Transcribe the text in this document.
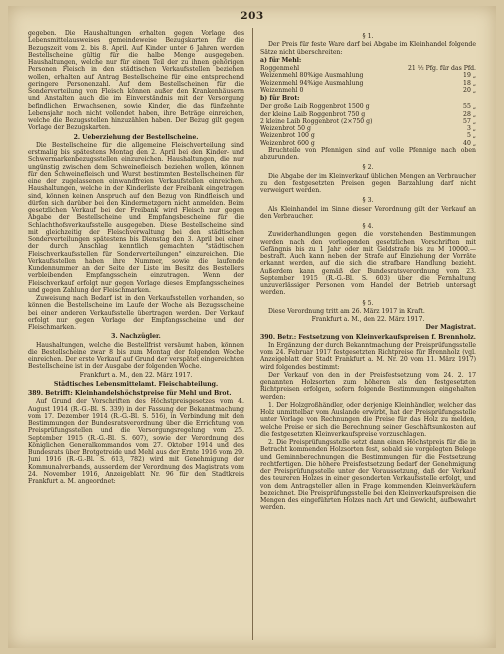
203

gegeben. Die Haushaltungen erhalten gegen Vorlage des Lebensmittelausweises gemeindeweise Bezugskarten für die Bezugszeit vom 2. bis 8. April. Auf Kinder unter 6 Jahren werden Bestellscheine gültig für die halbe Menge ausgegeben. Haushaltungen, welche nur für einen Teil der zu ihnen gehörigen Personen Fleisch in den städtischen Verkaufsstellen beziehen wollen, erhalten auf Antrag Bestellscheine für eine entsprechend geringere Personenzahl. Auf dem Bestellscheinen für die Sonderverteilung von Fleisch können außer den Krankenhäusern und Anstalten auch die im Einverständnis mit der Versorgung befindlichen Erwachsenen, sowie Kinder, die das fünfzehnte Lebensjahr noch nicht vollendet haben, ihre Beträge einreichen, welche die Bezugsstellen hinzuzählen haben. Der Bezug gilt gegen Vorlage der Bezugskarten.

2. Ueberziehung der Bestellscheine.

Die Bestellscheine für die allgemeine Fleischverteilung sind erstmalig bis spätestens Montag den 2. April bei den Kinder- und Schwermarkenbezugsstellen einzureichen. Haushaltungen, die nur ungünstig zwischen dem Schweinefleisch beziehen wollen, können für den Schweinefleisch und Wurst bestimmten Bestellscheinen für eine der zugelassenen einwandfreien Verkaufstellen einreichen. Haushaltungen, welche in der Kinderliste der Freibank eingetragen sind, können keinen Anspruch auf den Bezug von Rindfleisch und dürfen sich darüber bei den Kindermetzgern nicht anmelden. Beim gesetzlichen Verkauf bei der Freibank wird Fleisch nur gegen Abgabe der Bestellscheine und Empfangsbescheine für die Schlachthofsverkaufsstelle ausgegeben. Diese Bestellscheine sind mit gleichzeitig der Fleischverwaltung bei den städtischen Sonderverteilungen spätestens bis Dienstag den 3. April bei einer der durch Anschlag kenntlich gemachten "städtischen Fleischverkaufsstellen für Sonderverteilungen" einzureichen. Die Verkaufsstellen haben ihre Nummer, sowie die laufende Kundennummer an der Seite der Liste im Besitz des Bestellers verbleibenden Empfangsschein einzutragen. Wenn der Fleischverkauf erfolgt nur gegen Vorlage dieses Empfangsscheines und gegen Zahlung der Fleischmarken.

Zuweisung nach Bedarf ist in den Verkaufsstellen vorhanden, so können die Bestellscheine im Laufe der Woche als Bezugsscheine bei einer anderen Verkaufsstelle übertragen werden. Der Verkauf erfolgt nur gegen Vorlage der Empfangsscheine und der Fleischmarken.

3. Nachzügler.

Haushaltungen, welche die Bestellfrist versäumt haben, können die Bestellscheine zwar 8 bis zum Montag der folgenden Woche einreichen. Der erste Verkauf auf Grund der verspätet eingereichten Bestellscheine ist in der Ausgabe der folgenden Woche.

Frankfurt a. M., den 22. März 1917.

Städtisches Lebensmittelamt. Fleischabteilung.

389. Betrifft: Kleinhandelshöchstpreise für Mehl und Brot.

Auf Grund der Vorschriften des Höchstpreisgesetzes vom 4. August 1914 (R.-G.-Bl. S. 339) in der Fassung der Bekanntmachung vom 17. Dezember 1914 (R.-G.-Bl. S. 516), in Verbindung mit den Bestimmungen der Bundesratsverordnung über die Errichtung von Preisprüfungsstellen und die Versorgungsregelung vom 25. September 1915 (R.-G.-Bl. S. 607), sowie der Verordnung des Königlichen Generalkommandos vom 27. Oktober 1914 und des Bundesrats über Brotgetreide und Mehl aus der Ernte 1916 vom 29. Juni 1916 (R.-G.-Bl. S. 613, 782) wird mit Genehmigung der Kommunalverbands, ausserdem der Verordnung des Magistrats vom 24. November 1916, Anzeigeblatt Nr. 96 für den Stadtkreis Frankfurt a. M. angeordnet:

§ 1.

Der Preis für feste Ware darf bei Abgabe im Kleinhandel folgende Sätze nicht überschreiten:

a) für Mehl:

Roggenmehl	21 ½ Pfg. für das Pfd.
Weizenmehl 80%ige Ausmahlung	19 „
Weizenmehl 94%ige Ausmahlung	18 „
Weizenmehl 0	20 „

b) für Brot:

Der große Laib Roggenbrot 1500 g	55 „
der kleine Laib Roggenbrot 750 g	28 „
2 kleine Laib Roggenbrot (2×750 g)	57 „
Weizenbrot 50 g	3 „
Weizenbrot 100 g	5 „
Weizenbrot 600 g	40 „

Bruchteile von Pfennigen sind auf volle Pfennige nach oben abzurunden.

§ 2.

Die Abgabe der im Kleinverkauf üblichen Mengen an Verbraucher zu den festgesetzten Preisen gegen Barzahlung darf nicht verweigert werden.

§ 3.

Als Kleinhandel im Sinne dieser Verordnung gilt der Verkauf an den Verbraucher.

§ 4.

Zuwiderhandlungen gegen die vorstehenden Bestimmungen werden nach den vorliegenden gesetzlichen Vorschriften mit Gefängnis bis zu 1 Jahr oder mit Geldstrafe bis zu M 10000.— bestraft. Auch kann neben der Strafe auf Einziehung der Vorräte erkannt werden, auf die sich die strafbare Handlung bezieht. Außerdem kann gemäß der Bundesratsverordnung vom 23. September 1915 (R.-G.-Bl. S. 603) über die Fernhaltung unzuverlässiger Personen vom Handel der Betrieb untersagt werden.

§ 5.

Diese Verordnung tritt am 26. März 1917 in Kraft.

Frankfurt a. M., den 22. März 1917.

Der Magistrat.

390. Betr.: Festsetzung von Kleinverkaufspreisen f. Brennholz.

In Ergänzung der durch Bekanntmachung der Preisprüfungsstelle vom 24. Februar 1917 festgesetzten Richtpreise für Brennholz (vgl. Anzeigeblatt der Stadt Frankfurt a. M. Nr. 20 vom 11. März 1917) wird folgendes bestimmt:

Der Verkauf von den in der Preisfestsetzung vom 24. 2. 17 genannten Holzsorten zum höheren als den festgesetzten Richtpreisen erfolgen, sofern folgende Bestimmungen eingehalten werden:

1. Der Holzgroßhändler, oder derjenige Kleinhändler, welcher das Holz unmittelbar vom Auslande erwirbt, hat der Preisprüfungsstelle unter Vorlage von Rechnungen die Preise für das Holz zu melden, welche Preise er sich die Berechnung seiner Geschäftsunkosten auf die festgesetzten Kleinverkaufspreise vorzuschlagen.

2. Die Preisprüfungsstelle setzt dann einen Höchstpreis für die in Betracht kommenden Holzsorten fest, sobald sie vorgelegten Belege und Geminnberechnungen die Bestimmungen für die Festsetzung rechtfertigen. Die höhere Preisfestsetzung bedarf der Genehmigung der Preisprüfungsstelle unter der Voraussetzung, daß der Verkauf des teureren Holzes in einer gesonderten Verkaufsstelle erfolgt, und von dem Antragsteller allen in Frage kommenden Kleinverkäufern bezeichnet. Die Preisprüfungsstelle bei den Kleinverkaufspreisen die Mengen des eingeführten Holzes nach Art und Gewicht, aufbewahrt werden.
